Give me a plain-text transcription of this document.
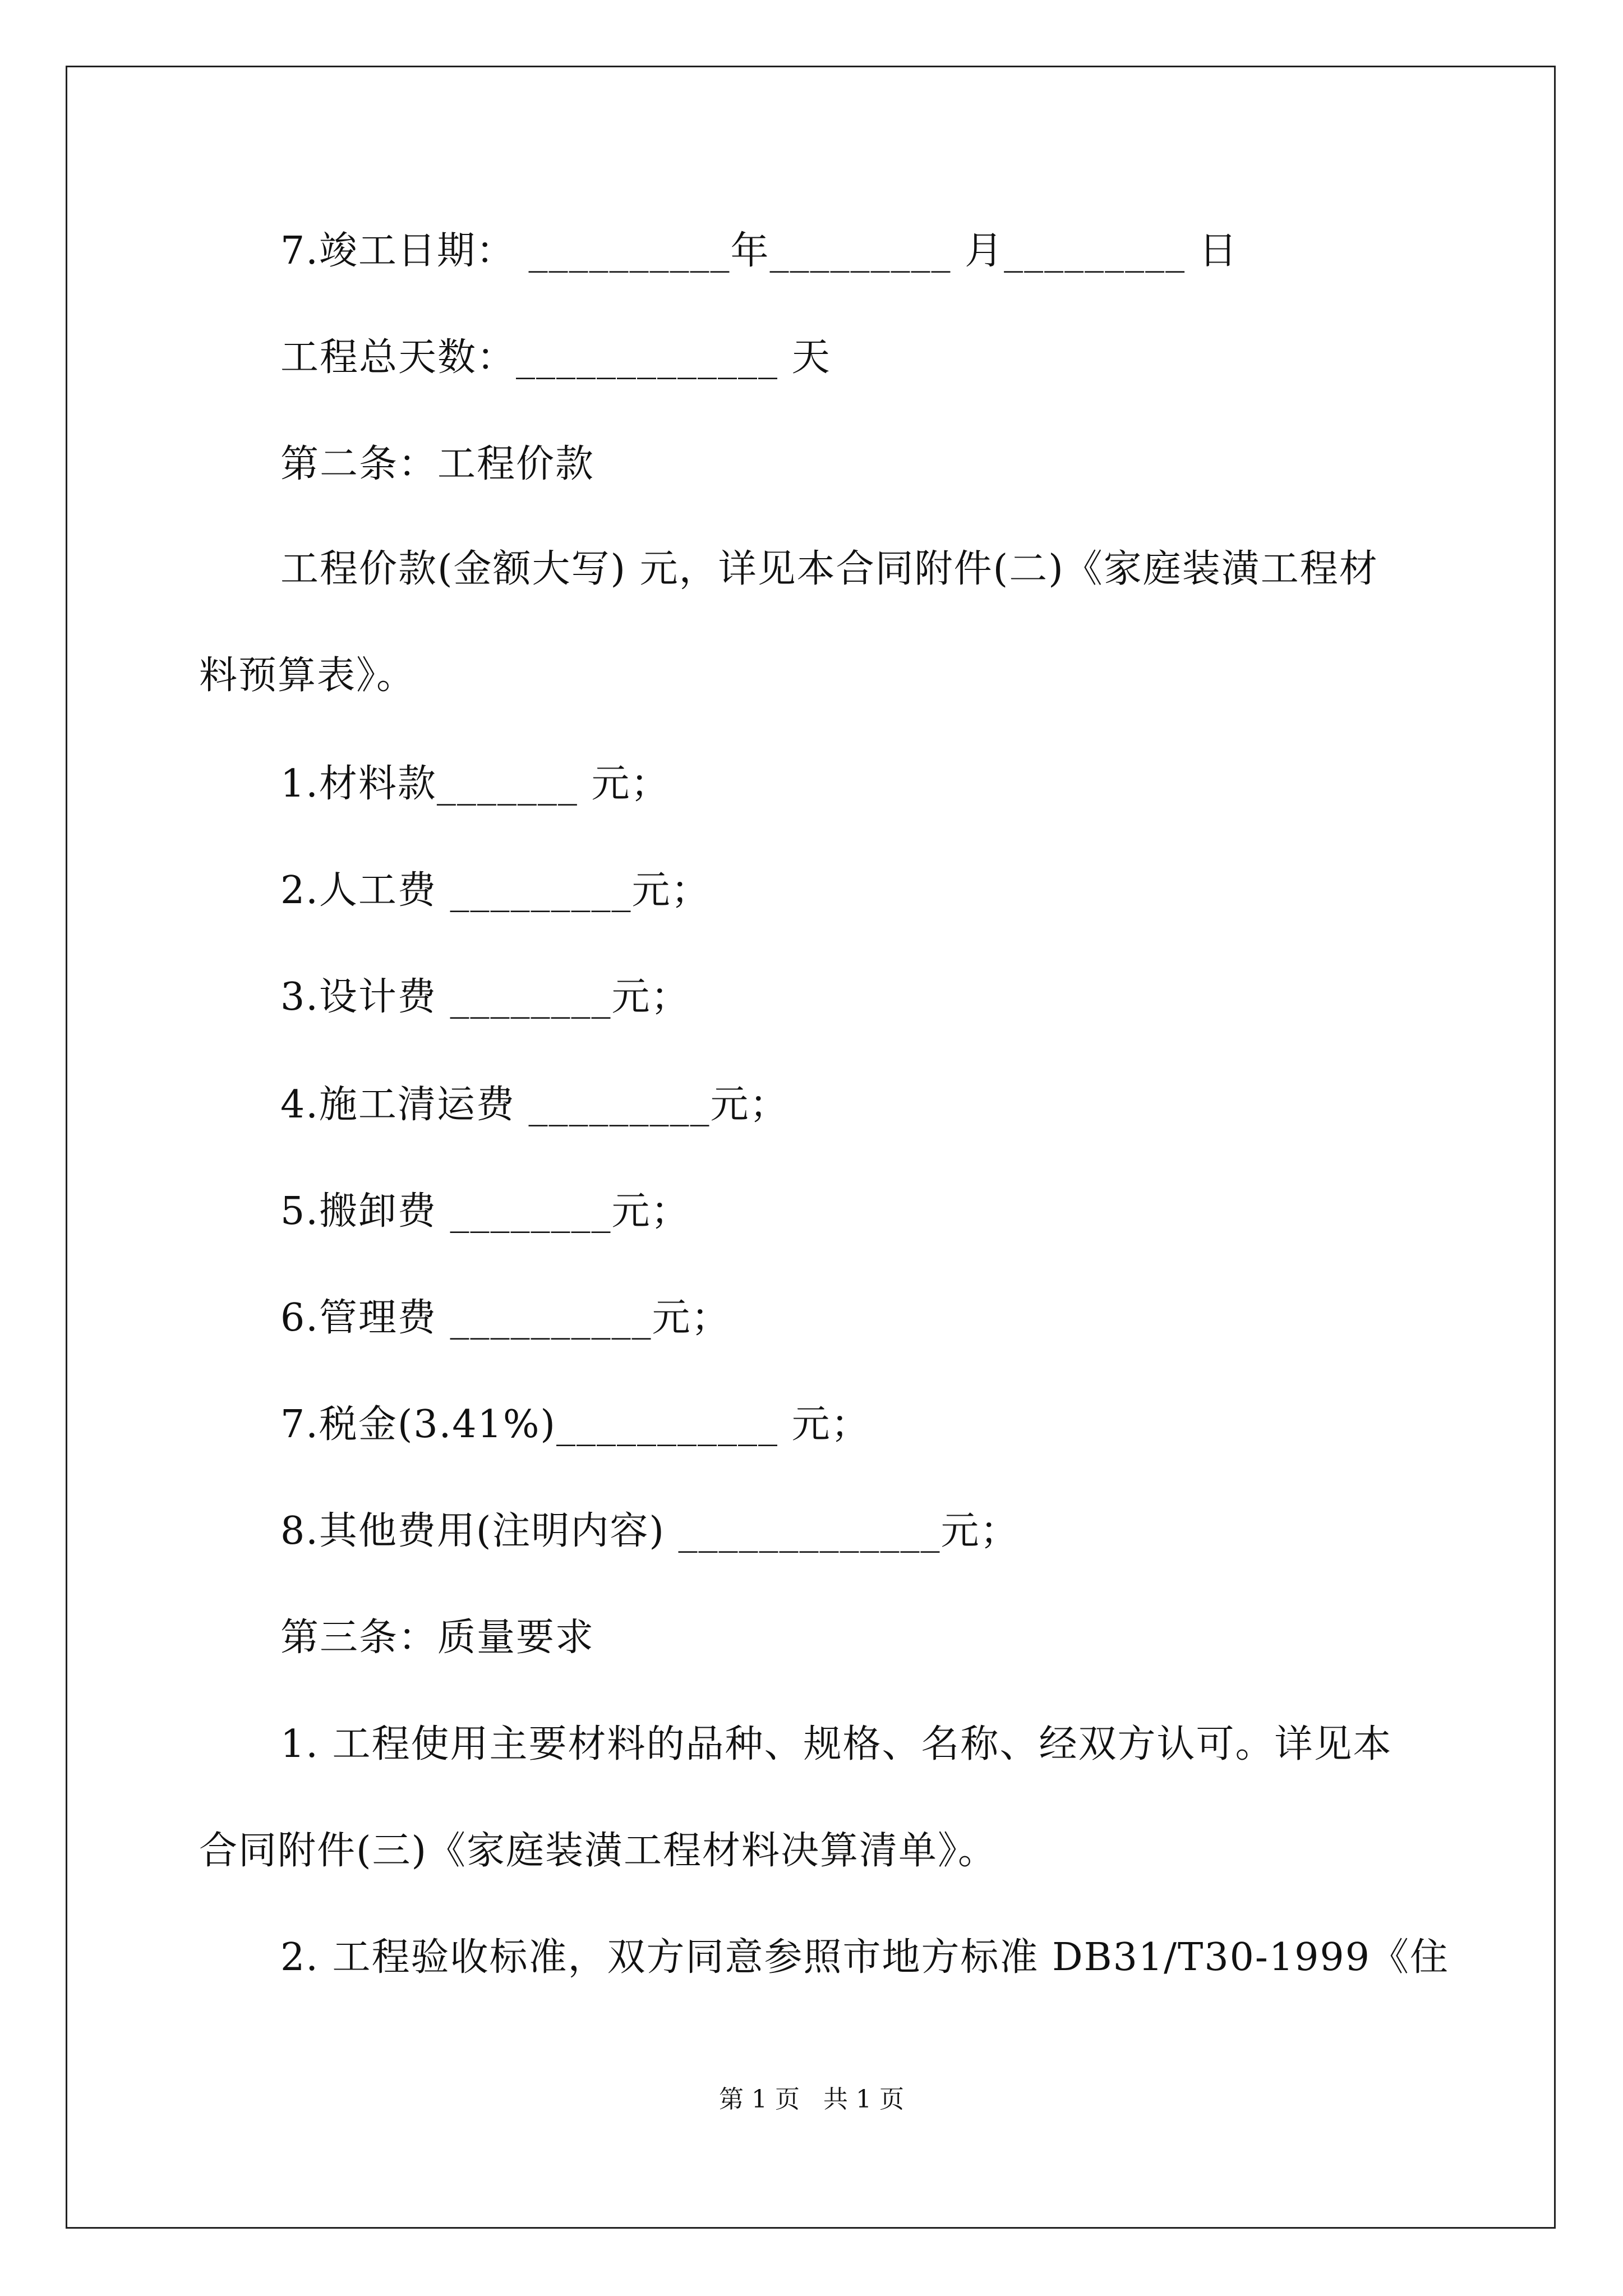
7.竣工日期： __________年_________ 月_________ 日
工程总天数：_____________ 天
第二条：工程价款
工程价款(金额大写) 元，详见本合同附件(二)《家庭装潢工程材
料预算表》。
1.材料款_______ 元；
2.人工费 _________元；
3.设计费 ________元；
4.施工清运费 _________元；
5.搬卸费 ________元；
6.管理费 __________元；
7.税金(3.41%)___________ 元；
8.其他费用(注明内容) _____________元；
第三条：质量要求
1. 工程使用主要材料的品种、规格、名称、经双方认可。详见本
合同附件(三)《家庭装潢工程材料决算清单》。
2. 工程验收标准，双方同意参照市地方标准 DB31/T30-1999《住
第 1 页   共 1 页
